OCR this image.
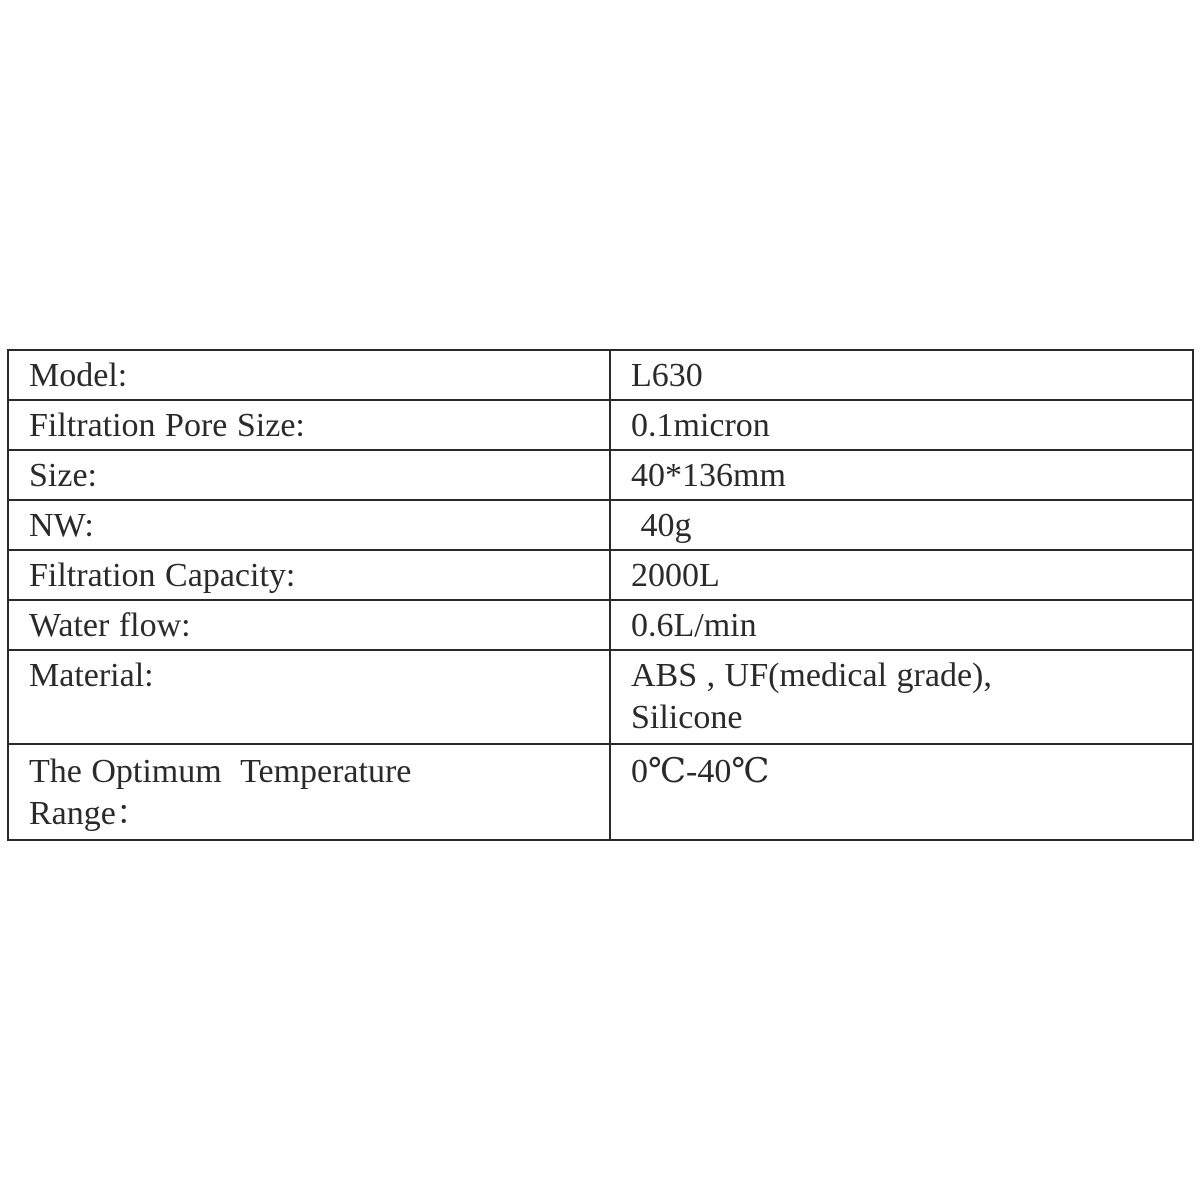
Model:	L630
Filtration Pore Size:	0.1micron
Size:	40*136mm
NW:	40g
Filtration Capacity:	2000L
Water flow:	0.6L/min
Material:	ABS , UF(medical grade),
Silicone
The Optimum  Temperature
Range：	0℃-40℃
